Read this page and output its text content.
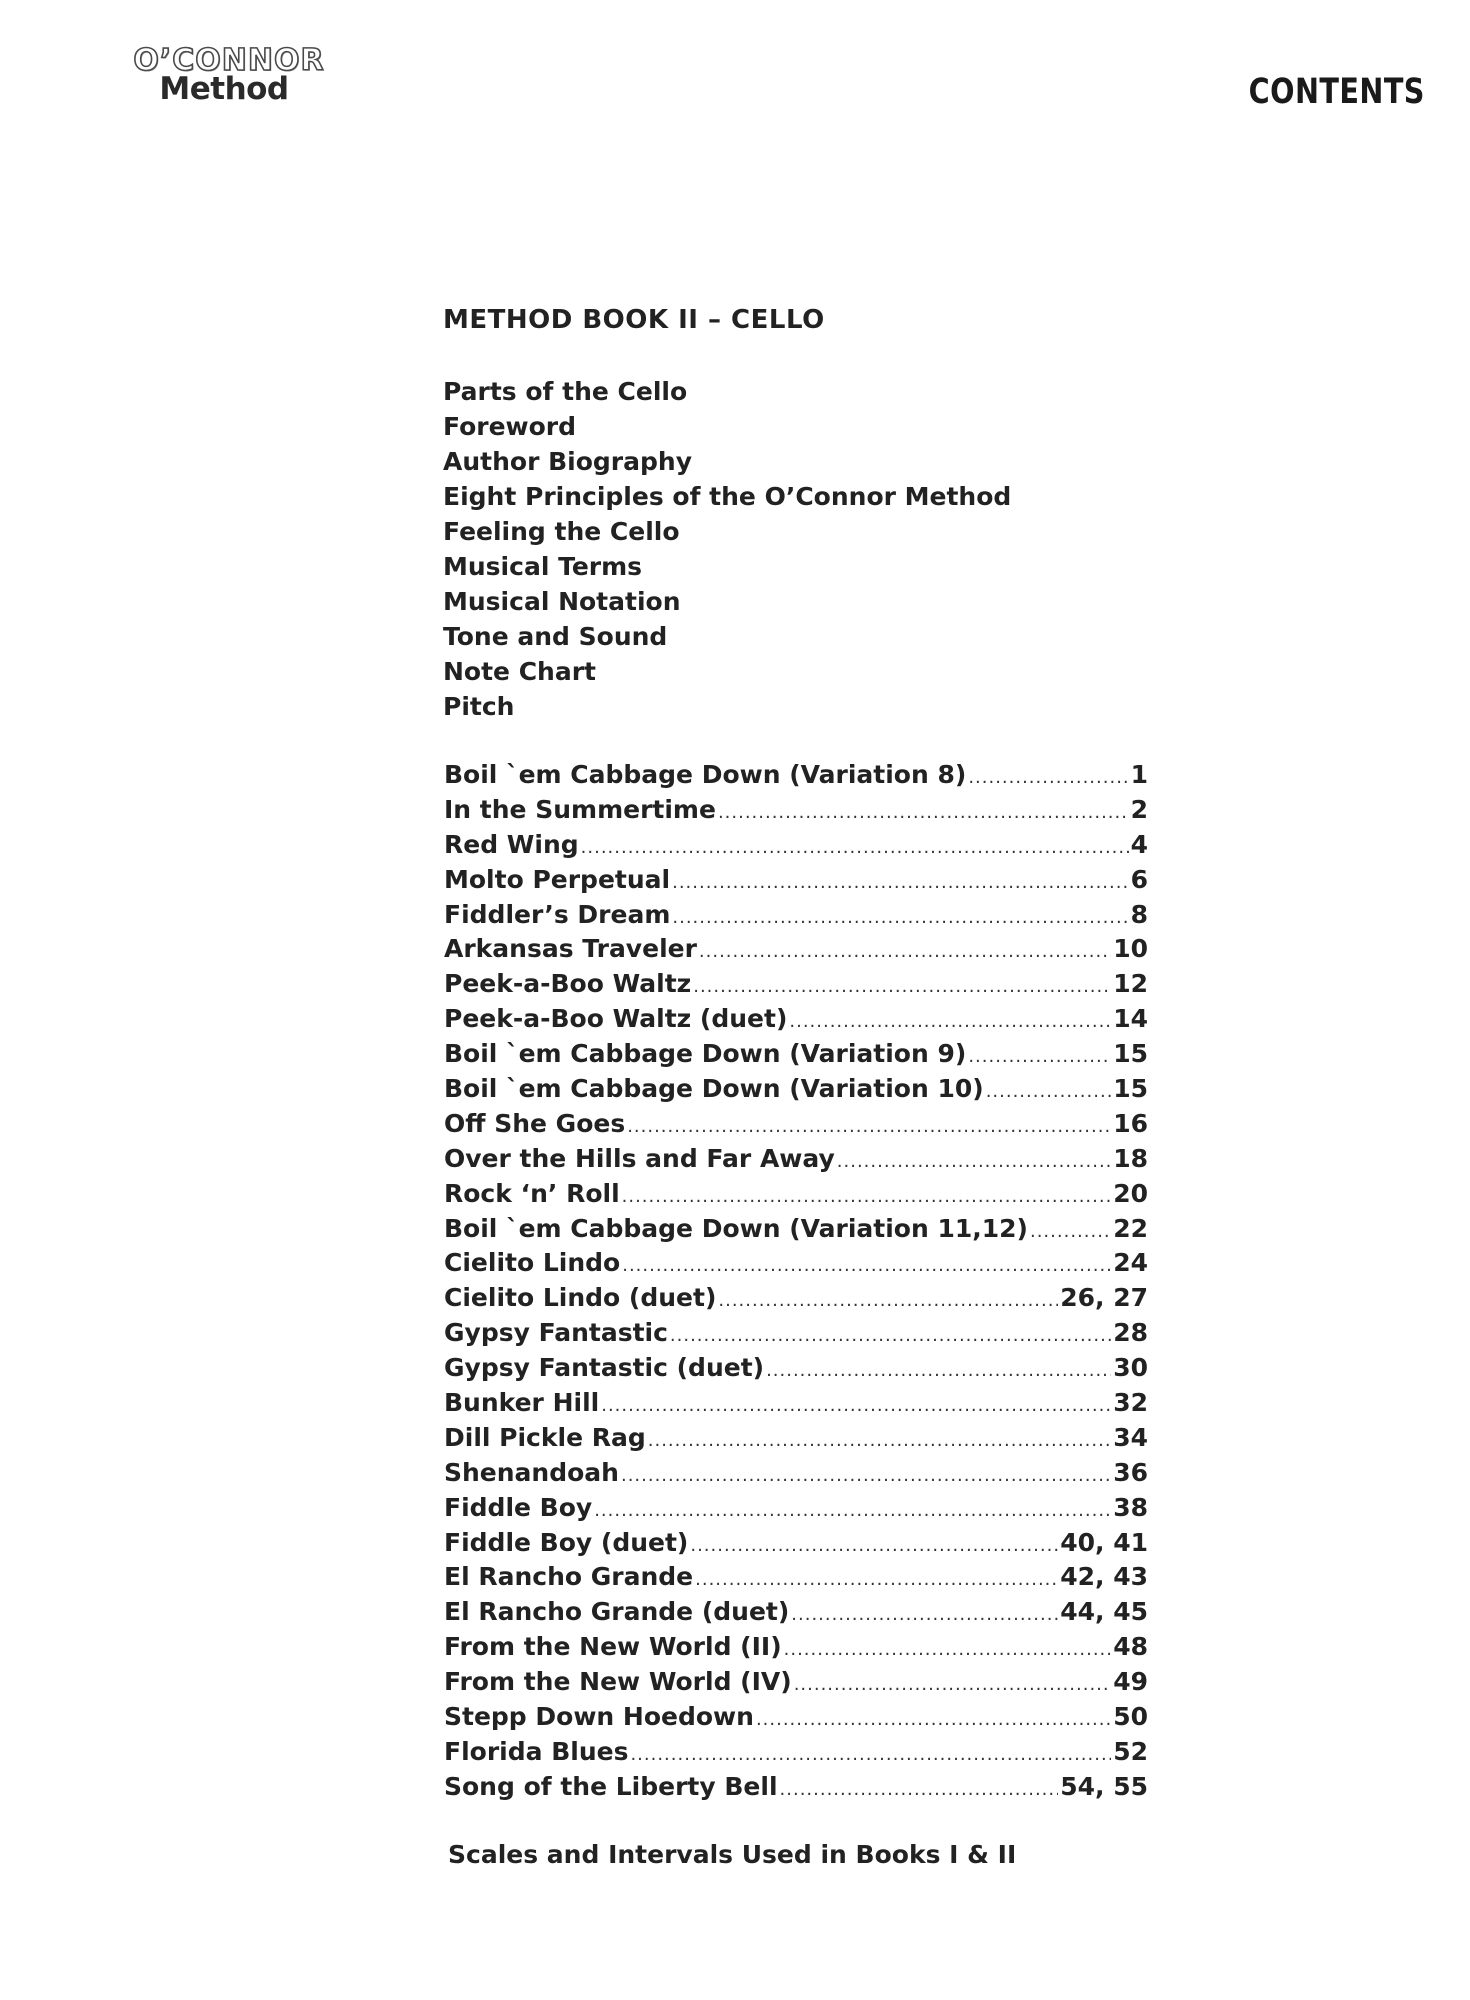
O’CONNOR
Method	CONTENTS
METHOD BOOK II – CELLO
Parts of the Cello
Foreword
Author Biography
Eight Principles of the O’Connor Method
Feeling the Cello
Musical Terms
Musical Notation
Tone and Sound
Note Chart
Pitch
Boil `em Cabbage Down (Variation 8) .....	1
In the Summertime .....	2
Red Wing .....	4
Molto Perpetual .....	6
Fiddler’s Dream .....	8
Arkansas Traveler .....	10
Peek-a-Boo Waltz .....	12
Peek-a-Boo Waltz (duet) .....	14
Boil `em Cabbage Down (Variation 9) .....	15
Boil `em Cabbage Down (Variation 10) .....	15
Off She Goes .....	16
Over the Hills and Far Away .....	18
Rock ‘n’ Roll .....	20
Boil `em Cabbage Down (Variation 11,12) .....	22
Cielito Lindo .....	24
Cielito Lindo (duet) .....	26, 27
Gypsy Fantastic .....	28
Gypsy Fantastic (duet) .....	30
Bunker Hill .....	32
Dill Pickle Rag .....	34
Shenandoah .....	36
Fiddle Boy .....	38
Fiddle Boy (duet) .....	40, 41
El Rancho Grande .....	42, 43
El Rancho Grande (duet) .....	44, 45
From the New World (II) .....	48
From the New World (IV) .....	49
Stepp Down Hoedown .....	50
Florida Blues .....	52
Song of the Liberty Bell .....	54, 55

Scales and Intervals Used in Books I & II
